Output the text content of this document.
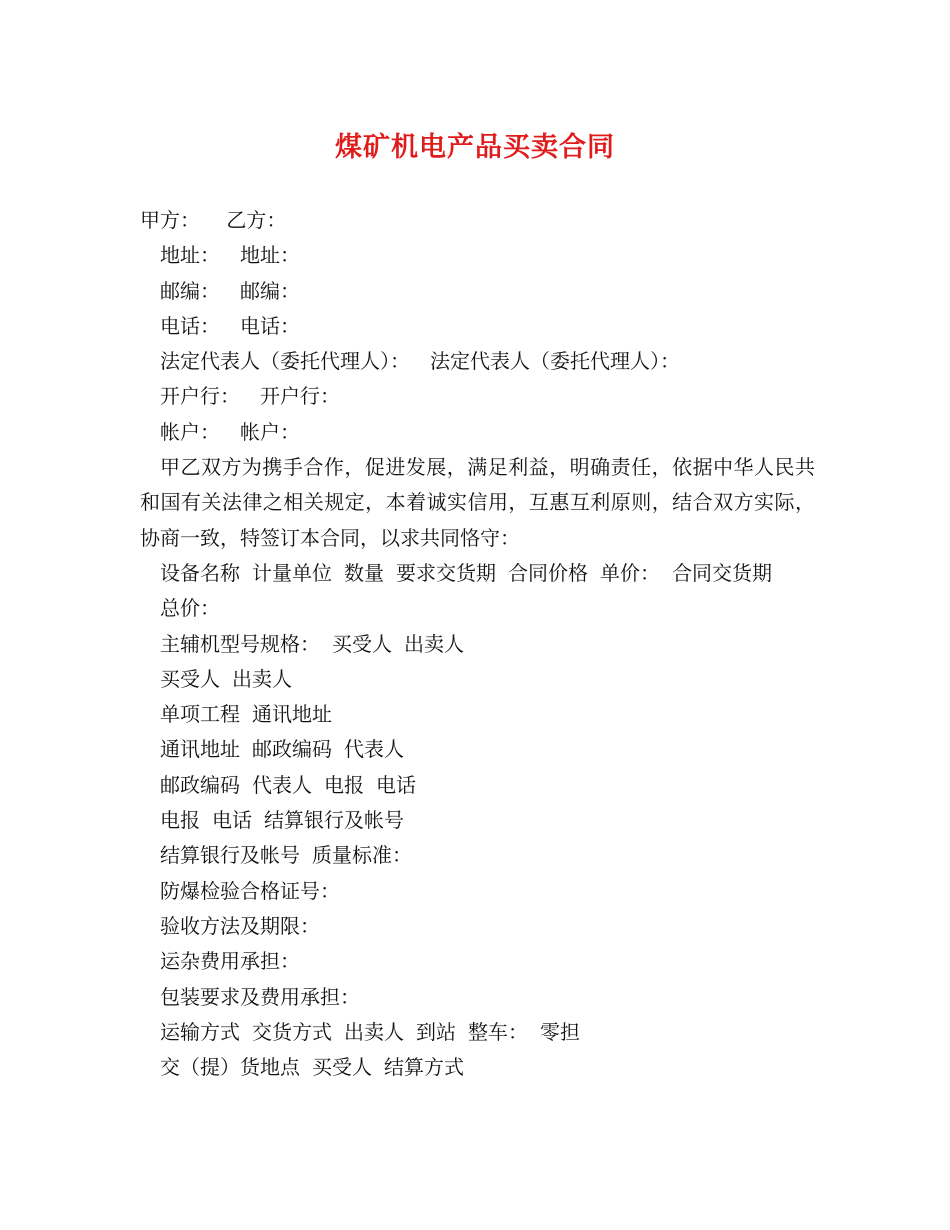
煤矿机电产品买卖合同
甲方： 乙方：
地址： 地址：
邮编： 邮编：
电话： 电话：
法定代表人（委托代理人）： 法定代表人（委托代理人）：
开户行： 开户行：
帐户： 帐户：
甲乙双方为携手合作，促进发展，满足利益，明确责任，依据中华人民共和国有关法律之相关规定，本着诚实信用，互惠互利原则，结合双方实际，协商一致，特签订本合同，以求共同恪守：
设备名称 计量单位 数量 要求交货期 合同价格 单价： 合同交货期
总价：
主辅机型号规格： 买受人 出卖人
买受人 出卖人
单项工程 通讯地址
通讯地址 邮政编码 代表人
邮政编码 代表人 电报 电话
电报 电话 结算银行及帐号
结算银行及帐号 质量标准：
防爆检验合格证号：
验收方法及期限：
运杂费用承担：
包装要求及费用承担：
运输方式 交货方式 出卖人 到站 整车： 零担
交（提）货地点 买受人 结算方式
